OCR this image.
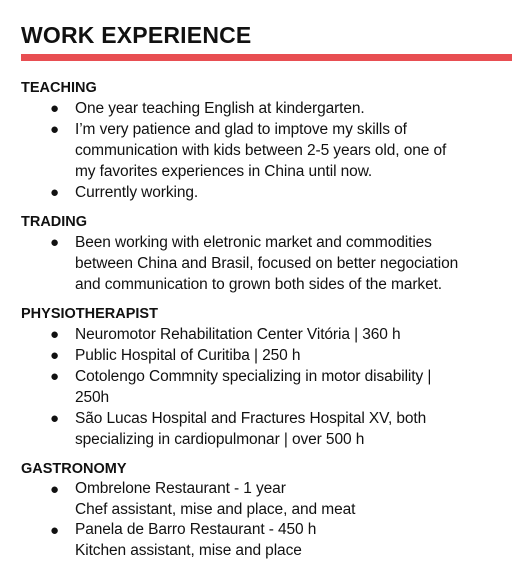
WORK EXPERIENCE
TEACHING
● One year teaching English at kindergarten.
● I’m very patience and glad to imptove my skills of
communication with kids between 2-5 years old, one of
my favorites experiences in China until now.
● Currently working.
TRADING
● Been working with eletronic market and commodities
between China and Brasil, focused on better negociation
and communication to grown both sides of the market.
PHYSIOTHERAPIST
● Neuromotor Rehabilitation Center Vitória | 360 h
● Public Hospital of Curitiba | 250 h
● Cotolengo Commnity specializing in motor disability |
250h
● São Lucas Hospital and Fractures Hospital XV, both
specializing in cardiopulmonar | over 500 h
GASTRONOMY
● Ombrelone Restaurant - 1 year
Chef assistant, mise and place, and meat
● Panela de Barro Restaurant - 450 h
Kitchen assistant, mise and place
